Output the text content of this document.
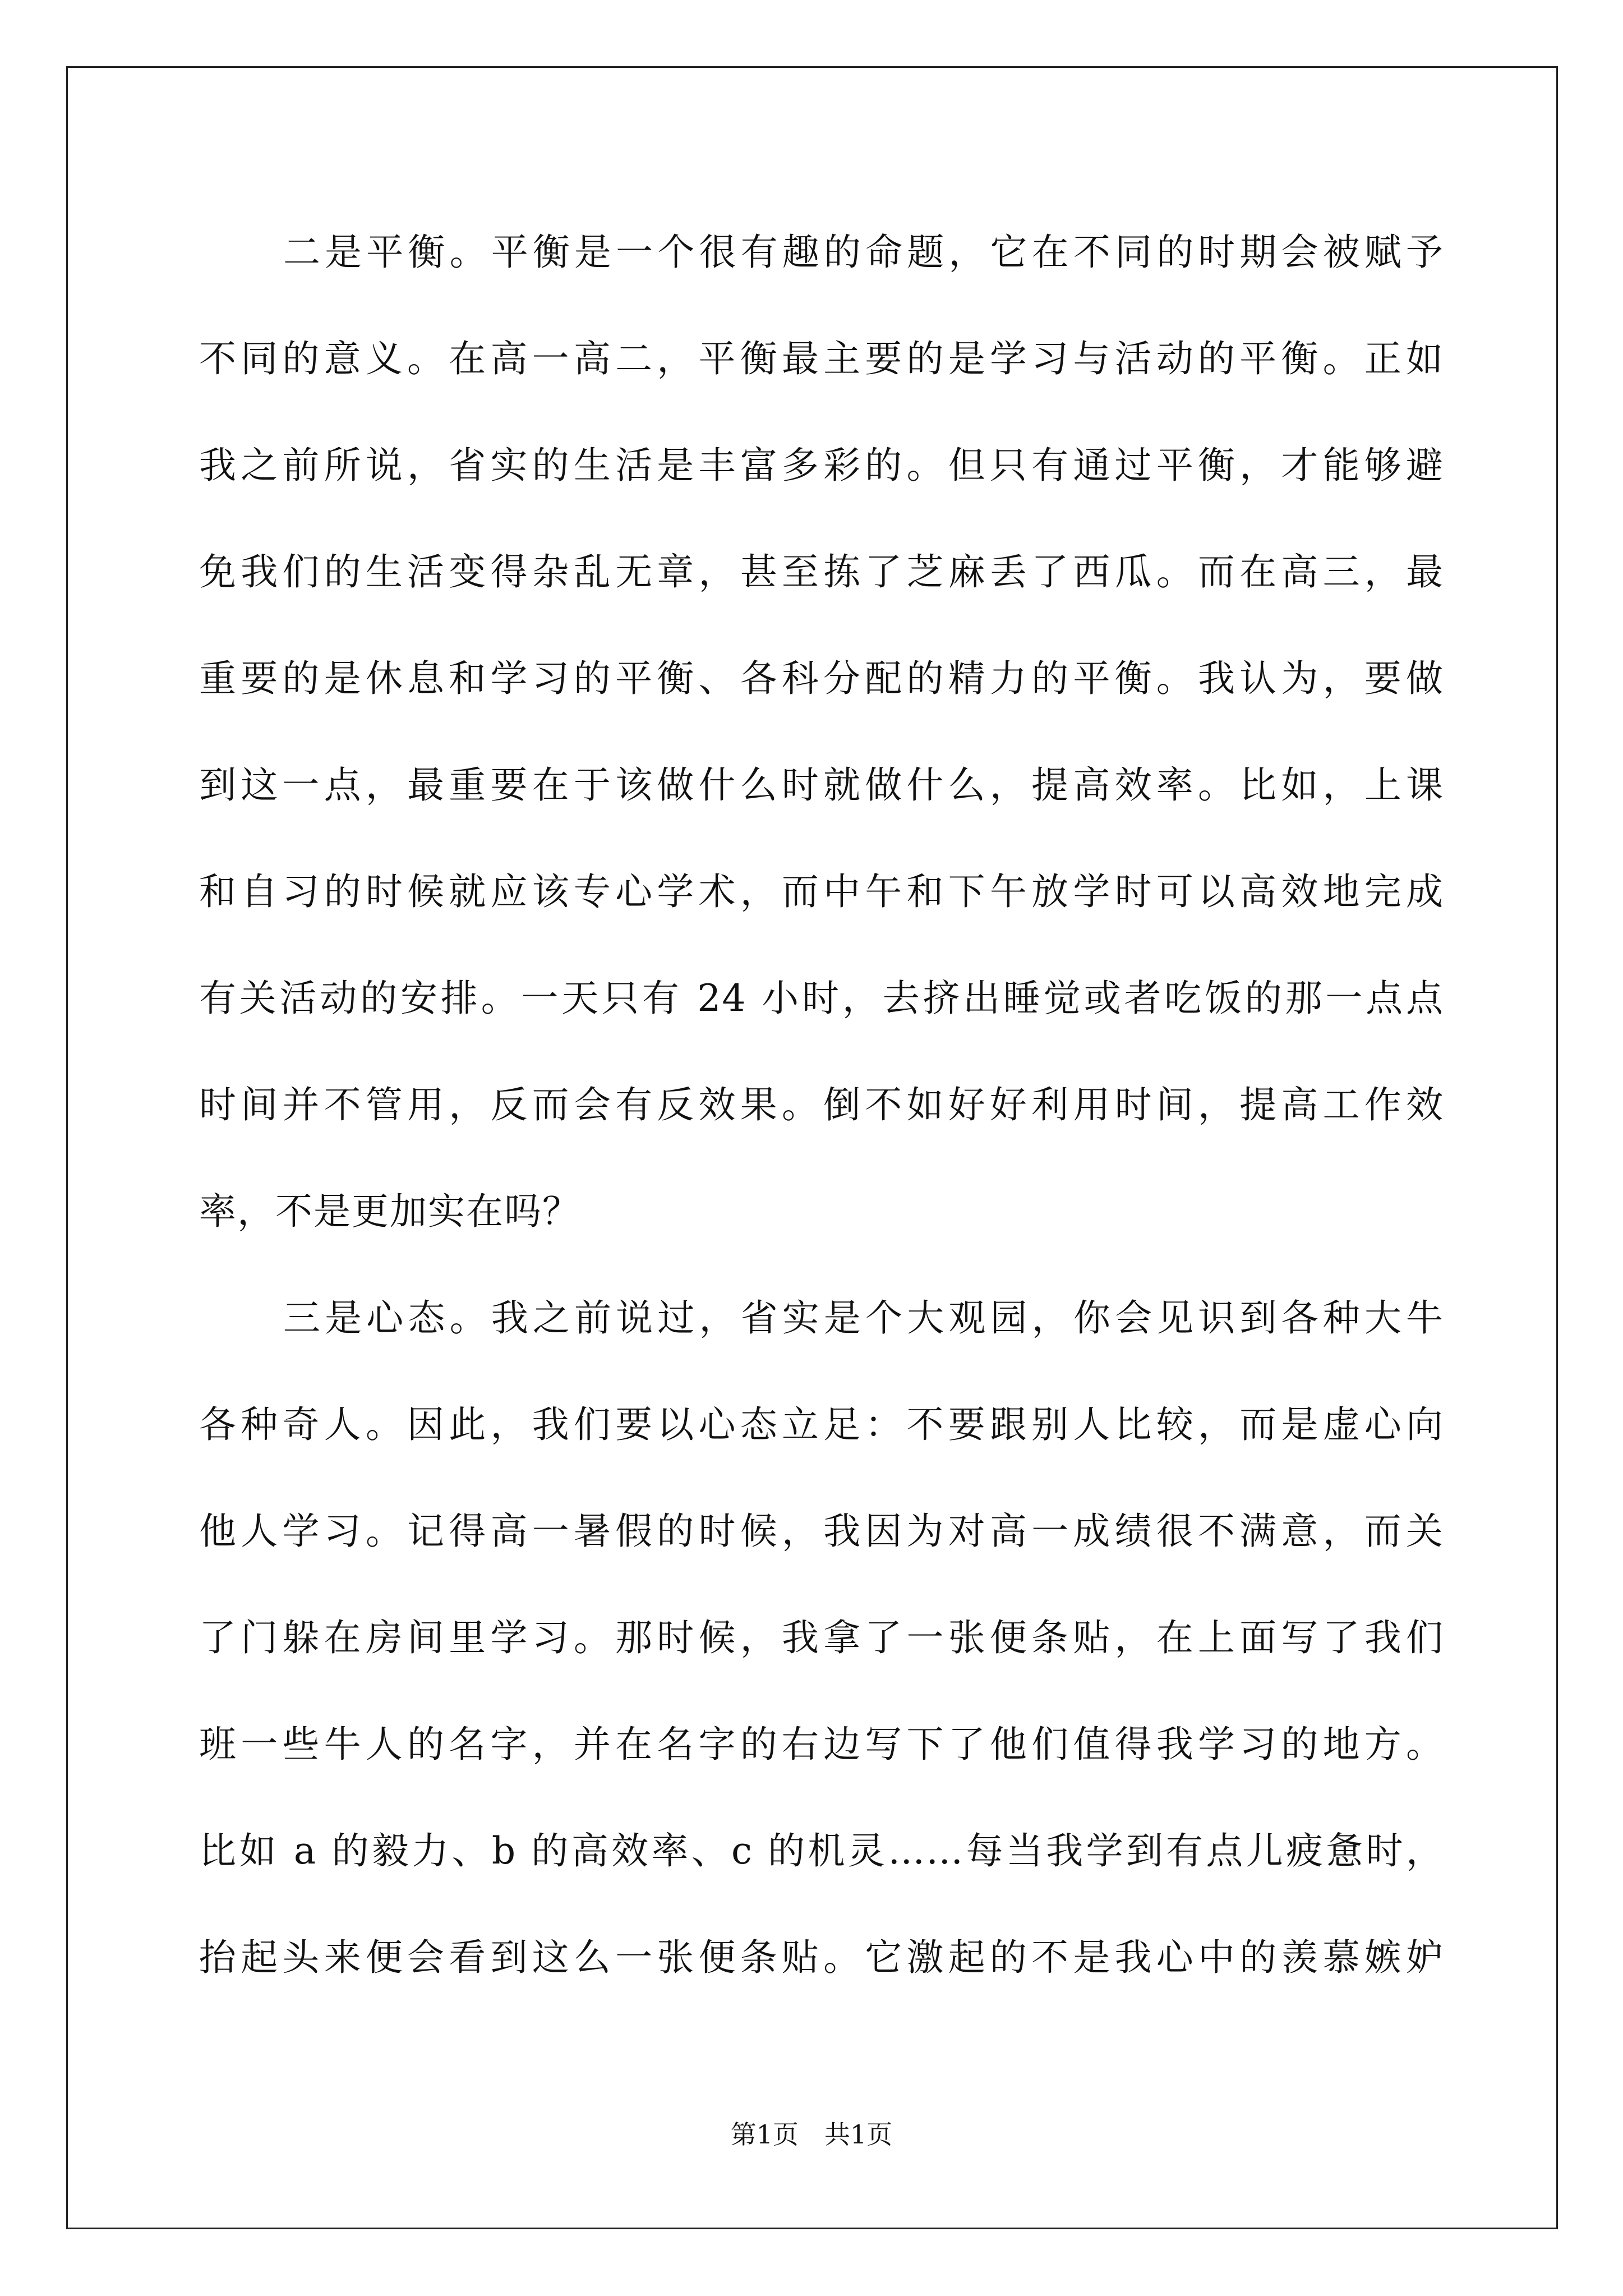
二是平衡。平衡是一个很有趣的命题，它在不同的时期会被赋予
不同的意义。在高一高二，平衡最主要的是学习与活动的平衡。正如
我之前所说，省实的生活是丰富多彩的。但只有通过平衡，才能够避
免我们的生活变得杂乱无章，甚至拣了芝麻丢了西瓜。而在高三，最
重要的是休息和学习的平衡、各科分配的精力的平衡。我认为，要做
到这一点，最重要在于该做什么时就做什么，提高效率。比如，上课
和自习的时候就应该专心学术，而中午和下午放学时可以高效地完成
有关活动的安排。一天只有 24 小时，去挤出睡觉或者吃饭的那一点点
时间并不管用，反而会有反效果。倒不如好好利用时间，提高工作效
率，不是更加实在吗？

三是心态。我之前说过，省实是个大观园，你会见识到各种大牛
各种奇人。因此，我们要以心态立足：不要跟别人比较，而是虚心向
他人学习。记得高一暑假的时候，我因为对高一成绩很不满意，而关
了门躲在房间里学习。那时候，我拿了一张便条贴，在上面写了我们
班一些牛人的名字，并在名字的右边写下了他们值得我学习的地方。
比如 a 的毅力、b 的高效率、c 的机灵……每当我学到有点儿疲惫时，
抬起头来便会看到这么一张便条贴。它激起的不是我心中的羡慕嫉妒

第1页　共1页
